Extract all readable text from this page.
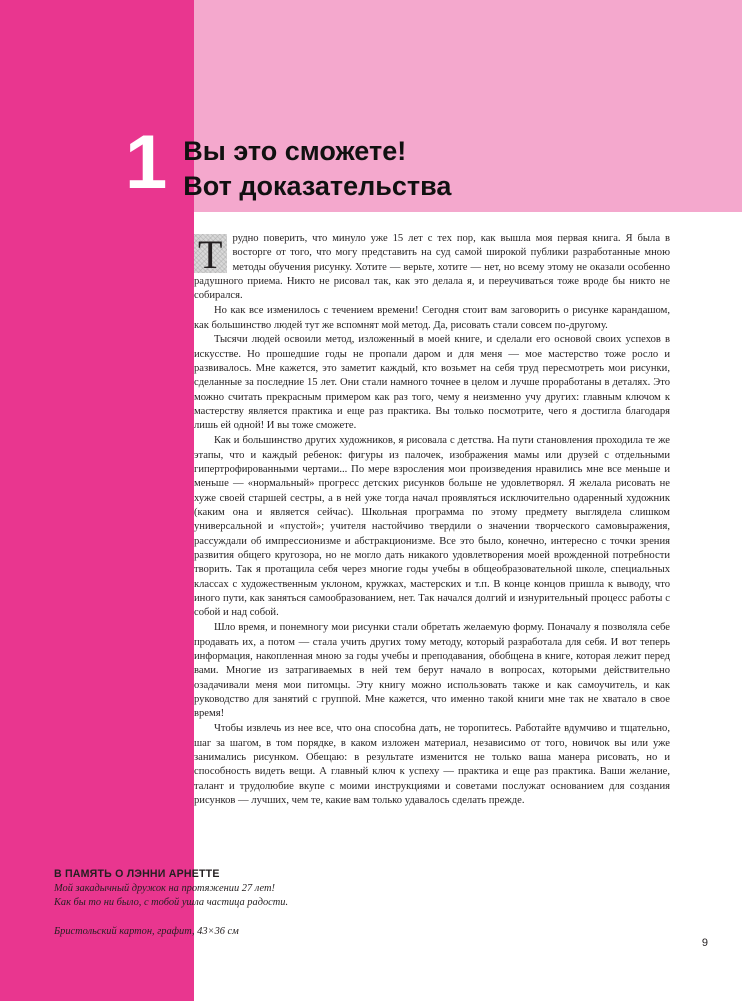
1 Вы это сможете!
Вот доказательства

Т рудно поверить, что минуло уже 15 лет с тех пор, как вышла моя первая книга. Я была в восторге от того, что могу представить на суд самой широкой публики разработанные мною методы обучения рисунку. Хотите — верьте, хотите — нет, но всему этому не оказали особенно радушного приема. Никто не рисовал так, как это делала я, и переучиваться тоже вроде бы никто не собирался.

Но как все изменилось с течением времени! Сегодня стоит вам заговорить о рисунке карандашом, как большинство людей тут же вспомнят мой метод. Да, рисовать стали совсем по-другому.

Тысячи людей освоили метод, изложенный в моей книге, и сделали его основой своих успехов в искусстве. Но прошедшие годы не пропали даром и для меня — мое мастерство тоже росло и развивалось. Мне кажется, это заметит каждый, кто возьмет на себя труд пересмотреть мои рисунки, сделанные за последние 15 лет. Они стали намного точнее в целом и лучше проработаны в деталях. Это можно считать прекрасным примером как раз того, чему я неизменно учу других: главным ключом к мастерству является практика и еще раз практика. Вы только посмотрите, чего я достигла благодаря лишь ей одной! И вы тоже сможете.

Как и большинство других художников, я рисовала с детства. На пути становления проходила те же этапы, что и каждый ребенок: фигуры из палочек, изображения мамы или друзей с отдельными гипертрофированными чертами... По мере взросления мои произведения нравились мне все меньше и меньше — «нормальный» прогресс детских рисунков больше не удовлетворял. Я желала рисовать не хуже своей старшей сестры, а в ней уже тогда начал проявляться исключительно одаренный художник (каким она и является сейчас). Школьная программа по этому предмету выглядела слишком универсальной и «пустой»; учителя настойчиво твердили о значении творческого самовыражения, рассуждали об импрессионизме и абстракционизме. Все это было, конечно, интересно с точки зрения развития общего кругозора, но не могло дать никакого удовлетворения моей врожденной потребности творить. Так я протащила себя через многие годы учебы в общеобразовательной школе, специальных классах с художественным уклоном, кружках, мастерских и т.п. В конце концов пришла к выводу, что иного пути, как заняться самообразованием, нет. Так начался долгий и изнурительный процесс работы с собой и над собой.

Шло время, и понемногу мои рисунки стали обретать желаемую форму. Поначалу я позволяла себе продавать их, а потом — стала учить других тому методу, который разработала для себя. И вот теперь информация, накопленная мною за годы учебы и преподавания, обобщена в книге, которая лежит перед вами. Многие из затрагиваемых в ней тем берут начало в вопросах, которыми действительно озадачивали меня мои питомцы. Эту книгу можно использовать также и как самоучитель, и как руководство для занятий с группой. Мне кажется, что именно такой книги мне так не хватало в свое время!

Чтобы извлечь из нее все, что она способна дать, не торопитесь. Работайте вдумчиво и тщательно, шаг за шагом, в том порядке, в каком изложен материал, независимо от того, новичок вы или уже занимались рисунком. Обещаю: в результате изменится не только ваша манера рисовать, но и способность видеть вещи. А главный ключ к успеху — практика и еще раз практика. Ваши желание, талант и трудолюбие вкупе с моими инструкциями и советами послужат основанием для создания рисунков — лучших, чем те, какие вам только удавалось сделать прежде.

В ПАМЯТЬ О ЛЭННИ АРНЕТТЕ
Мой закадычный дружок на протяжении 27 лет!
Как бы то ни было, с тобой ушла частица радости.
Бристольский картон, графит, 43×36 см
9
